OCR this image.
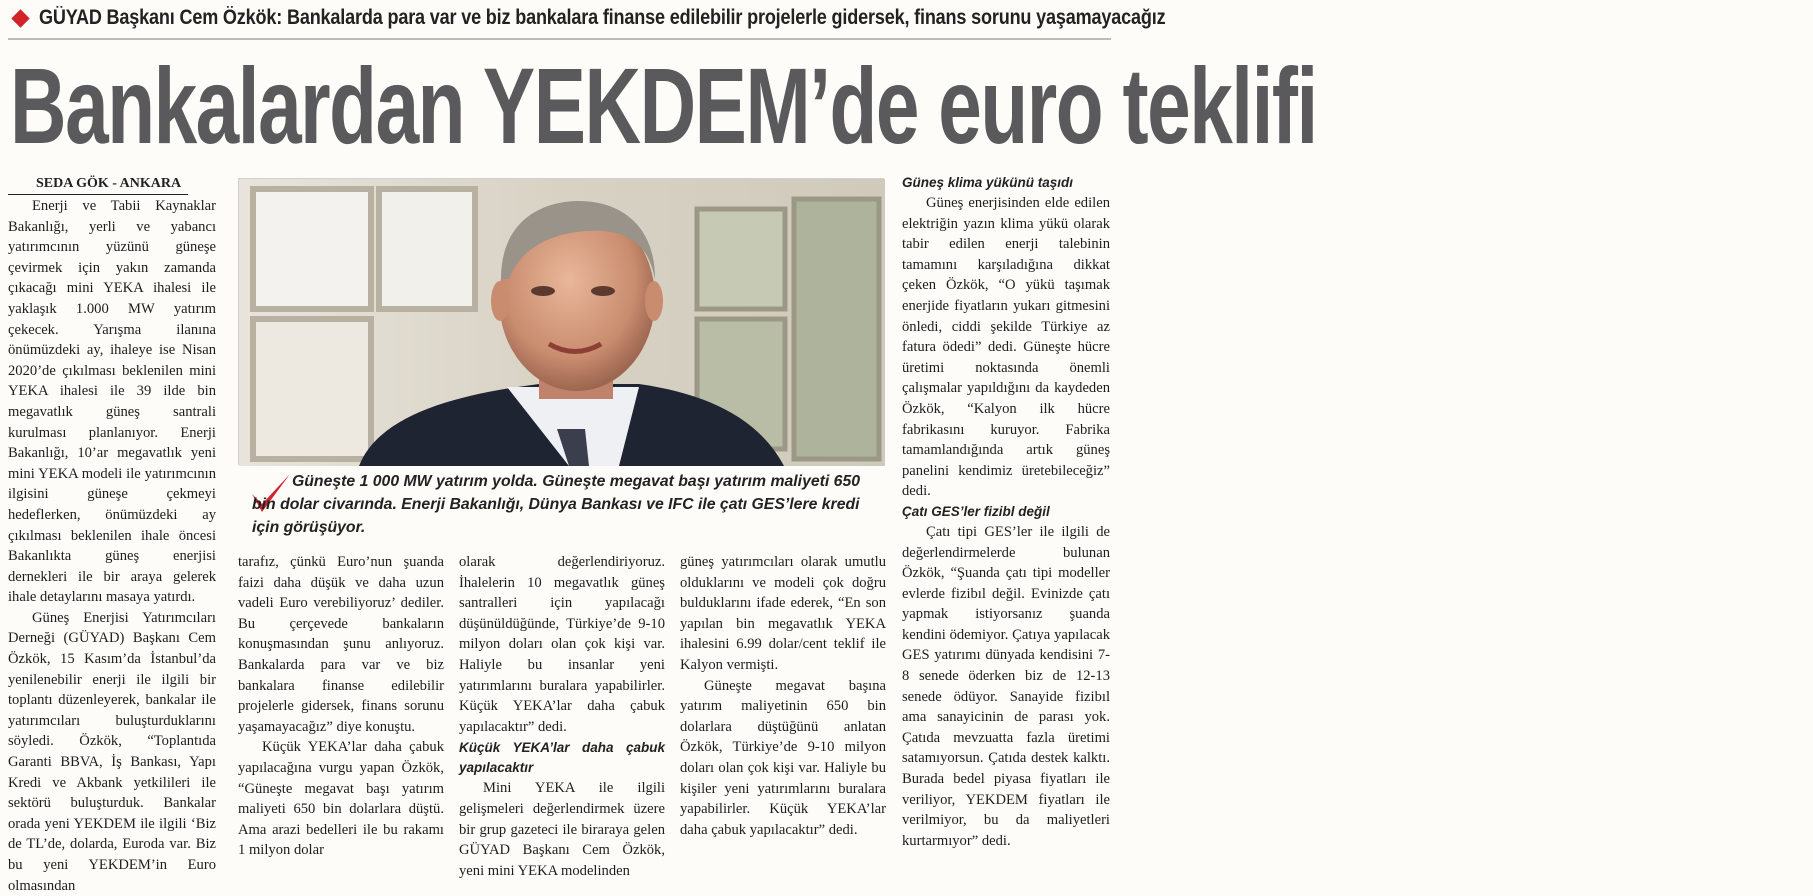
GÜYAD Başkanı Cem Özkök: Bankalarda para var ve biz bankalara finanse edilebilir projelerle gidersek, finans sorunu yaşamayacağız
Bankalardan YEKDEM’de euro teklifi
SEDA GÖK - ANKARA

Enerji ve Tabii Kaynaklar Bakanlığı, yerli ve yabancı yatırımcının yüzünü güneşe çevirmek için yakın zamanda çıkacağı mini YEKA ihalesi ile yaklaşık 1.000 MW yatırım çekecek. Yarışma ilanına önümüzdeki ay, ihaleye ise Nisan 2020’de çıkılması beklenilen mini YEKA ihalesi ile 39 ilde bin megavatlık güneş santrali kurulması planlanıyor. Enerji Bakanlığı, 10’ar megavatlık yeni mini YEKA modeli ile yatırımcının ilgisini güneşe çekmeyi hedeflerken, önümüzdeki ay çıkılması beklenilen ihale öncesi Bakanlıkta güneş enerjisi dernekleri ile bir araya gelerek ihale detaylarını masaya yatırdı.

Güneş Enerjisi Yatırımcıları Derneği (GÜYAD) Başkanı Cem Özkök, 15 Kasım’da İstanbul’da yenilenebilir enerji ile ilgili bir toplantı düzenleyerek, bankalar ile yatırımcıları buluşturduklarını söyledi. Özkök, “Toplantıda Garanti BBVA, İş Bankası, Yapı Kredi ve Akbank yetkilileri ile sektörü buluşturduk. Bankalar orada yeni YEKDEM ile ilgili ‘Biz de TL’de, dolarda, Euroda var. Biz bu yeni YEKDEM’in Euro olmasından

Güneşte 1 000 MW yatırım yolda. Güneşte megavat başı yatırım maliyeti 650 bin dolar civarında. Enerji Bakanlığı, Dünya Bankası ve IFC ile çatı GES’lere kredi için görüşüyor.

tarafız, çünkü Euro’nun şuanda faizi daha düşük ve daha uzun vadeli Euro verebiliyoruz’ dediler. Bu çerçevede bankaların konuşmasından şunu anlıyoruz. Bankalarda para var ve biz bankalara finanse edilebilir projelerle gidersek, finans sorunu yaşamayacağız” diye konuştu.

Küçük YEKA’lar daha çabuk yapılacağına vurgu yapan Özkök, “Güneşte megavat başı yatırım maliyeti 650 bin dolarlara düştü. Ama arazi bedelleri ile bu rakamı 1 milyon dolar

olarak değerlendiriyoruz. İhalelerin 10 megavatlık güneş santralleri için yapılacağı düşünüldüğünde, Türkiye’de 9-10 milyon doları olan çok kişi var. Haliyle bu insanlar yeni yatırımlarını buralara yapabilirler. Küçük YEKA’lar daha çabuk yapılacaktır” dedi.

Küçük YEKA’lar daha çabuk yapılacaktır

Mini YEKA ile ilgili gelişmeleri değerlendirmek üzere bir grup gazeteci ile biraraya gelen GÜYAD Başkanı Cem Özkök, yeni mini YEKA modelinden

güneş yatırımcıları olarak umutlu olduklarını ve modeli çok doğru bulduklarını ifade ederek, “En son yapılan bin megavatlık YEKA ihalesini 6.99 dolar/cent teklif ile Kalyon vermişti.

Güneşte megavat başına yatırım maliyetinin 650 bin dolarlara düştüğünü anlatan Özkök, Türkiye’de 9-10 milyon doları olan çok kişi var. Haliyle bu kişiler yeni yatırımlarını buralara yapabilirler. Küçük YEKA’lar daha çabuk yapılacaktır” dedi.

Güneş klima yükünü taşıdı

Güneş enerjisinden elde edilen elektriğin yazın klima yükü olarak tabir edilen enerji talebinin tamamını karşıladığına dikkat çeken Özkök, “O yükü taşımak enerjide fiyatların yukarı gitmesini önledi, ciddi şekilde Türkiye az fatura ödedi” dedi. Güneşte hücre üretimi noktasında önemli çalışmalar yapıldığını da kaydeden Özkök, “Kalyon ilk hücre fabrikasını kuruyor. Fabrika tamamlandığında artık güneş panelini kendimiz üretebileceğiz” dedi.

Çatı GES’ler fizibl değil

Çatı tipi GES’ler ile ilgili de değerlendirmelerde bulunan Özkök, “Şuanda çatı tipi modeller evlerde fizibıl değil. Evinizde çatı yapmak istiyorsanız şuanda kendini ödemiyor. Çatıya yapılacak GES yatırımı dünyada kendisini 7-8 senede öderken biz de 12-13 senede ödüyor. Sanayide fizibıl ama sanayicinin de parası yok. Çatıda mevzuatta fazla üretimi satamıyorsun. Çatıda destek kalktı. Burada bedel piyasa fiyatları ile veriliyor, YEKDEM fiyatları ile verilmiyor, bu da maliyetleri kurtarmıyor” dedi.
